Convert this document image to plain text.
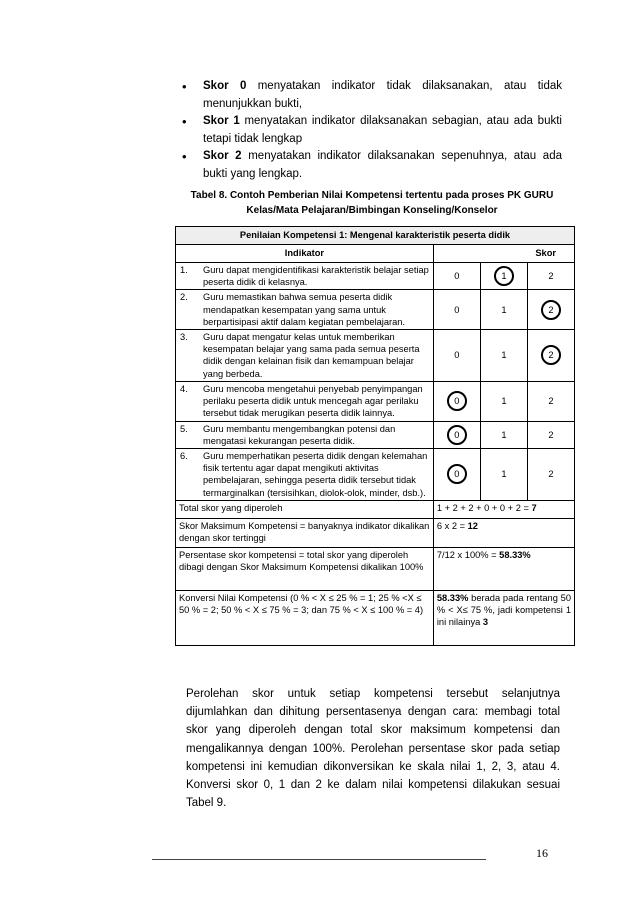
• Skor 0 menyatakan indikator tidak dilaksanakan, atau tidak menunjukkan bukti,
• Skor 1 menyatakan indikator dilaksanakan sebagian, atau ada bukti tetapi tidak lengkap
• Skor 2 menyatakan indikator dilaksanakan sepenuhnya, atau ada bukti yang lengkap.
Tabel 8. Contoh Pemberian Nilai Kompetensi tertentu pada proses PK GURU
Kelas/Mata Pelajaran/Bimbingan Konseling/Konselor
Penilaian Kompetensi 1: Mengenal karakteristik peserta didik			
Indikator	Skor		
1. Guru dapat mengidentifikasi karakteristik belajar setiap peserta didik di kelasnya.	0	1	2
2. Guru memastikan bahwa semua peserta didik mendapatkan kesempatan yang sama untuk berpartisipasi aktif dalam kegiatan pembelajaran.	0	1	2
3. Guru dapat mengatur kelas untuk memberikan kesempatan belajar yang sama pada semua peserta didik dengan kelainan fisik dan kemampuan belajar yang berbeda.	0	1	2
4. Guru mencoba mengetahui penyebab penyimpangan perilaku peserta didik untuk mencegah agar perilaku tersebut tidak merugikan peserta didik lainnya.	0	1	2
5. Guru membantu mengembangkan potensi dan mengatasi kekurangan peserta didik.	0	1	2
6. Guru memperhatikan peserta didik dengan kelemahan fisik tertentu agar dapat mengikuti aktivitas pembelajaran, sehingga peserta didik tersebut tidak termarginalkan (tersisihkan, diolok-olok, minder, dsb.).	0	1	2
Total skor yang diperoleh	1 + 2 + 2 + 0 + 0 + 2 = 7		
Skor Maksimum Kompetensi = banyaknya indikator dikalikan dengan skor tertinggi	6 x 2 = 12		
Persentase skor kompetensi = total skor yang diperoleh dibagi dengan Skor Maksimum Kompetensi dikalikan 100%	7/12 x 100% = 58.33%		
Konversi Nilai Kompetensi (0 % < X ≤ 25 % = 1; 25 % <X ≤ 50 % = 2; 50 % < X ≤ 75 % = 3; dan 75 % < X ≤ 100 % = 4)	58.33% berada pada rentang 50 % < X≤ 75 %, jadi kompetensi 1 ini nilainya 3		
Perolehan skor untuk setiap kompetensi tersebut selanjutnya dijumlahkan dan dihitung persentasenya dengan cara: membagi total skor yang diperoleh dengan total skor maksimum kompetensi dan mengalikannya dengan 100%. Perolehan persentase skor pada setiap kompetensi ini kemudian dikonversikan ke skala nilai 1, 2, 3, atau 4. Konversi skor 0, 1 dan 2 ke dalam nilai kompetensi dilakukan sesuai Tabel 9.
16
